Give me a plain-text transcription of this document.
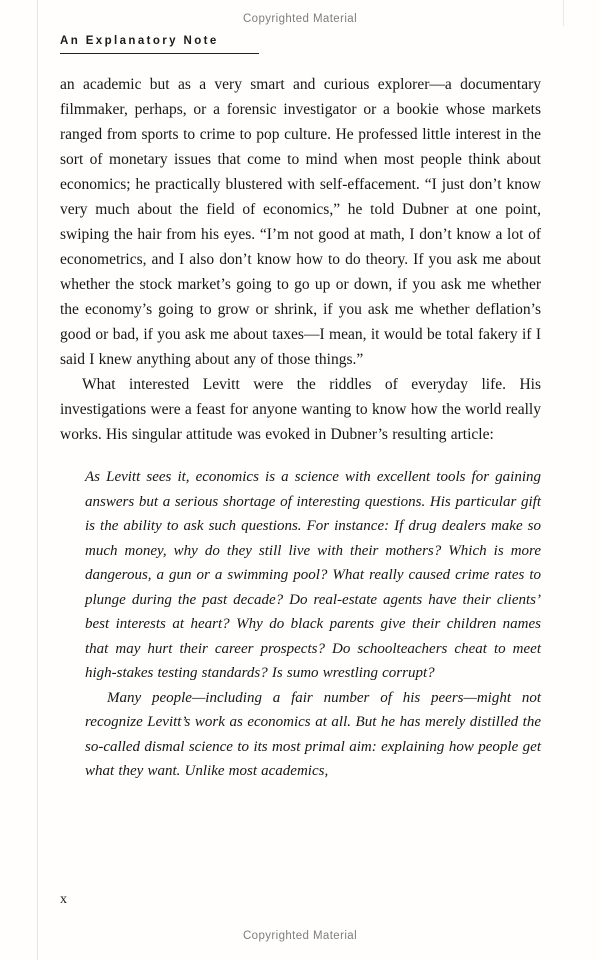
Copyrighted Material
An Explanatory Note

an academic but as a very smart and curious explorer—a documentary filmmaker, perhaps, or a forensic investigator or a bookie whose markets ranged from sports to crime to pop culture. He professed little interest in the sort of monetary issues that come to mind when most people think about economics; he practically blustered with self-effacement. “I just don’t know very much about the field of economics,” he told Dubner at one point, swiping the hair from his eyes. “I’m not good at math, I don’t know a lot of econometrics, and I also don’t know how to do theory. If you ask me about whether the stock market’s going to go up or down, if you ask me whether the economy’s going to grow or shrink, if you ask me whether deflation’s good or bad, if you ask me about taxes—I mean, it would be total fakery if I said I knew anything about any of those things.”

What interested Levitt were the riddles of everyday life. His investigations were a feast for anyone wanting to know how the world really works. His singular attitude was evoked in Dubner’s resulting article:

As Levitt sees it, economics is a science with excellent tools for gaining answers but a serious shortage of interesting questions. His particular gift is the ability to ask such questions. For instance: If drug dealers make so much money, why do they still live with their mothers? Which is more dangerous, a gun or a swimming pool? What really caused crime rates to plunge during the past decade? Do real-estate agents have their clients’ best interests at heart? Why do black parents give their children names that may hurt their career prospects? Do schoolteachers cheat to meet high-stakes testing standards? Is sumo wrestling corrupt?

Many people—including a fair number of his peers—might not recognize Levitt’s work as economics at all. But he has merely distilled the so-called dismal science to its most primal aim: explaining how people get what they want. Unlike most academics,

x
Copyrighted Material
